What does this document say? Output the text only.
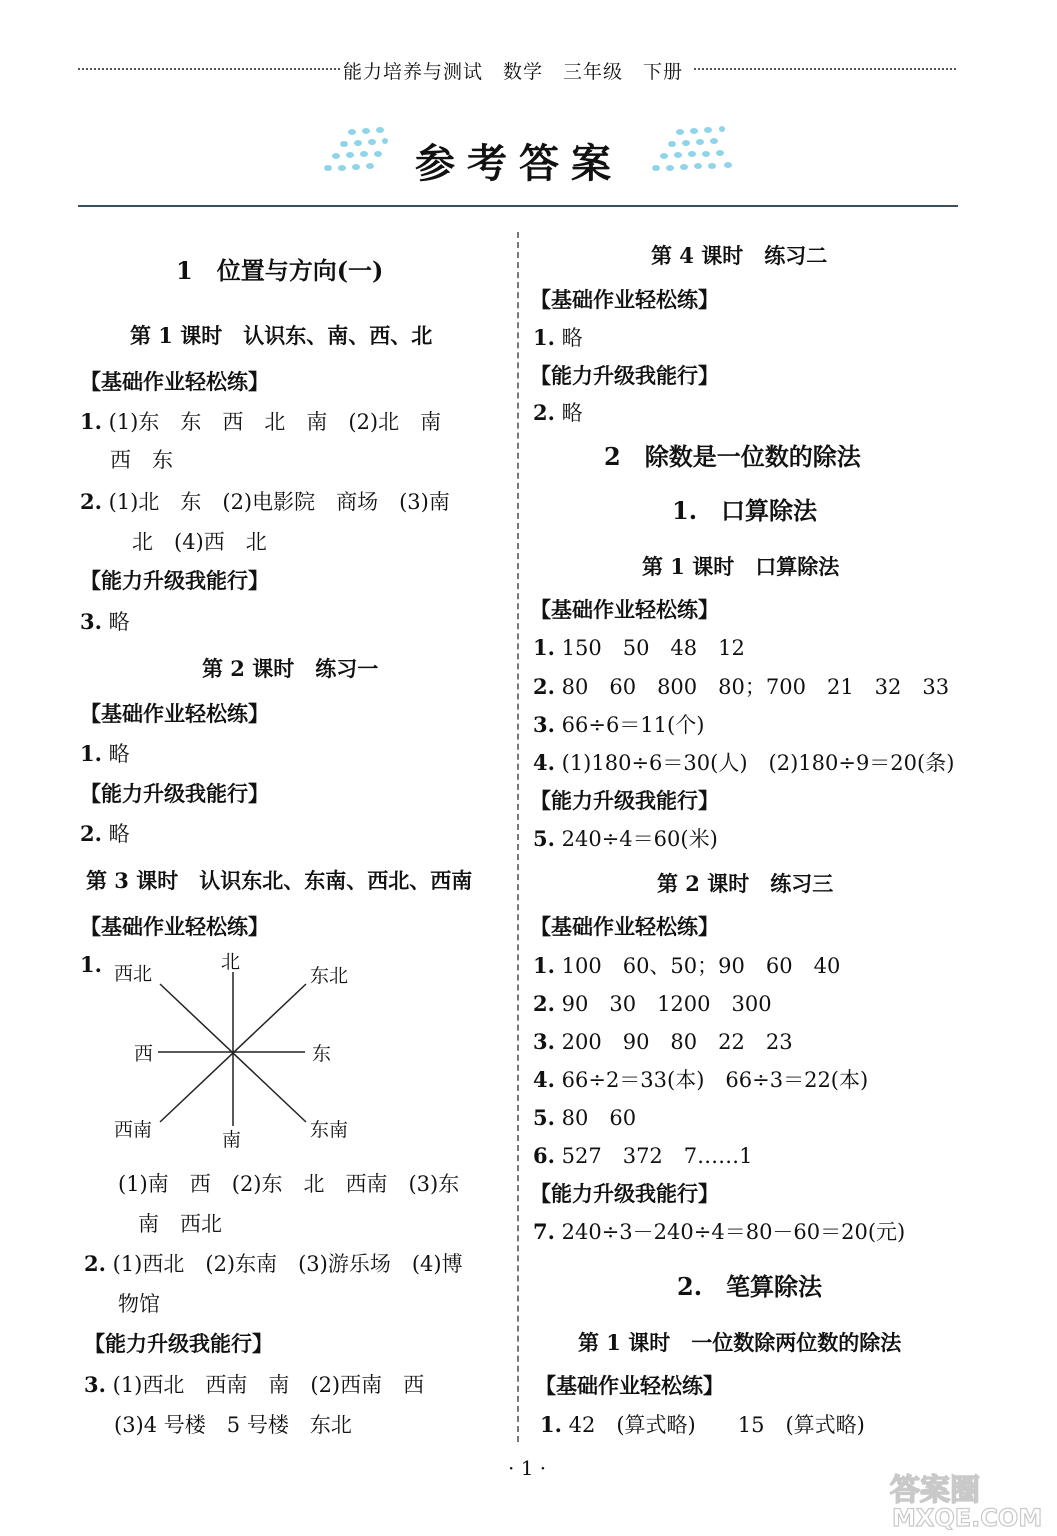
能力培养与测试　数学　三年级　下册
参考答案
1　位置与方向(一)
第 1 课时　认识东、南、西、北
【基础作业轻松练】
1. (1)东　东　西　北　南　(2)北　南
西　东
2. (1)北　东　(2)电影院　商场　(3)南
北　(4)西　北
【能力升级我能行】
3. 略
第 2 课时　练习一
【基础作业轻松练】
1. 略
【能力升级我能行】
2. 略
第 3 课时　认识东北、东南、西北、西南
【基础作业轻松练】
1.	北
南
东
西
东北
西北
东南
西南
(1)南　西　(2)东　北　西南　(3)东
南　西北
2. (1)西北　(2)东南　(3)游乐场　(4)博
物馆
【能力升级我能行】
3. (1)西北　西南　南　(2)西南　西
(3)4 号楼　5 号楼　东北
第 4 课时　练习二
【基础作业轻松练】
1. 略
【能力升级我能行】
2. 略
2　除数是一位数的除法
1.　口算除法
第 1 课时　口算除法
【基础作业轻松练】
1. 150　50　48　12
2. 80　60　800　80；700　21　32　33
3. 66÷6＝11(个)
4. (1)180÷6＝30(人)　(2)180÷9＝20(条)
【能力升级我能行】
5. 240÷4＝60(米)
第 2 课时　练习三
【基础作业轻松练】
1. 100　60、50；90　60　40
2. 90　30　1200　300
3. 200　90　80　22　23
4. 66÷2＝33(本)　66÷3＝22(本)
5. 80　60
6. 527　372　7……1
【能力升级我能行】
7. 240÷3－240÷4＝80－60＝20(元)
2.　笔算除法
第 1 课时　一位数除两位数的除法
【基础作业轻松练】
1. 42　(算式略)　　15　(算式略)
· 1 ·
答案圈
MXQE.COM
